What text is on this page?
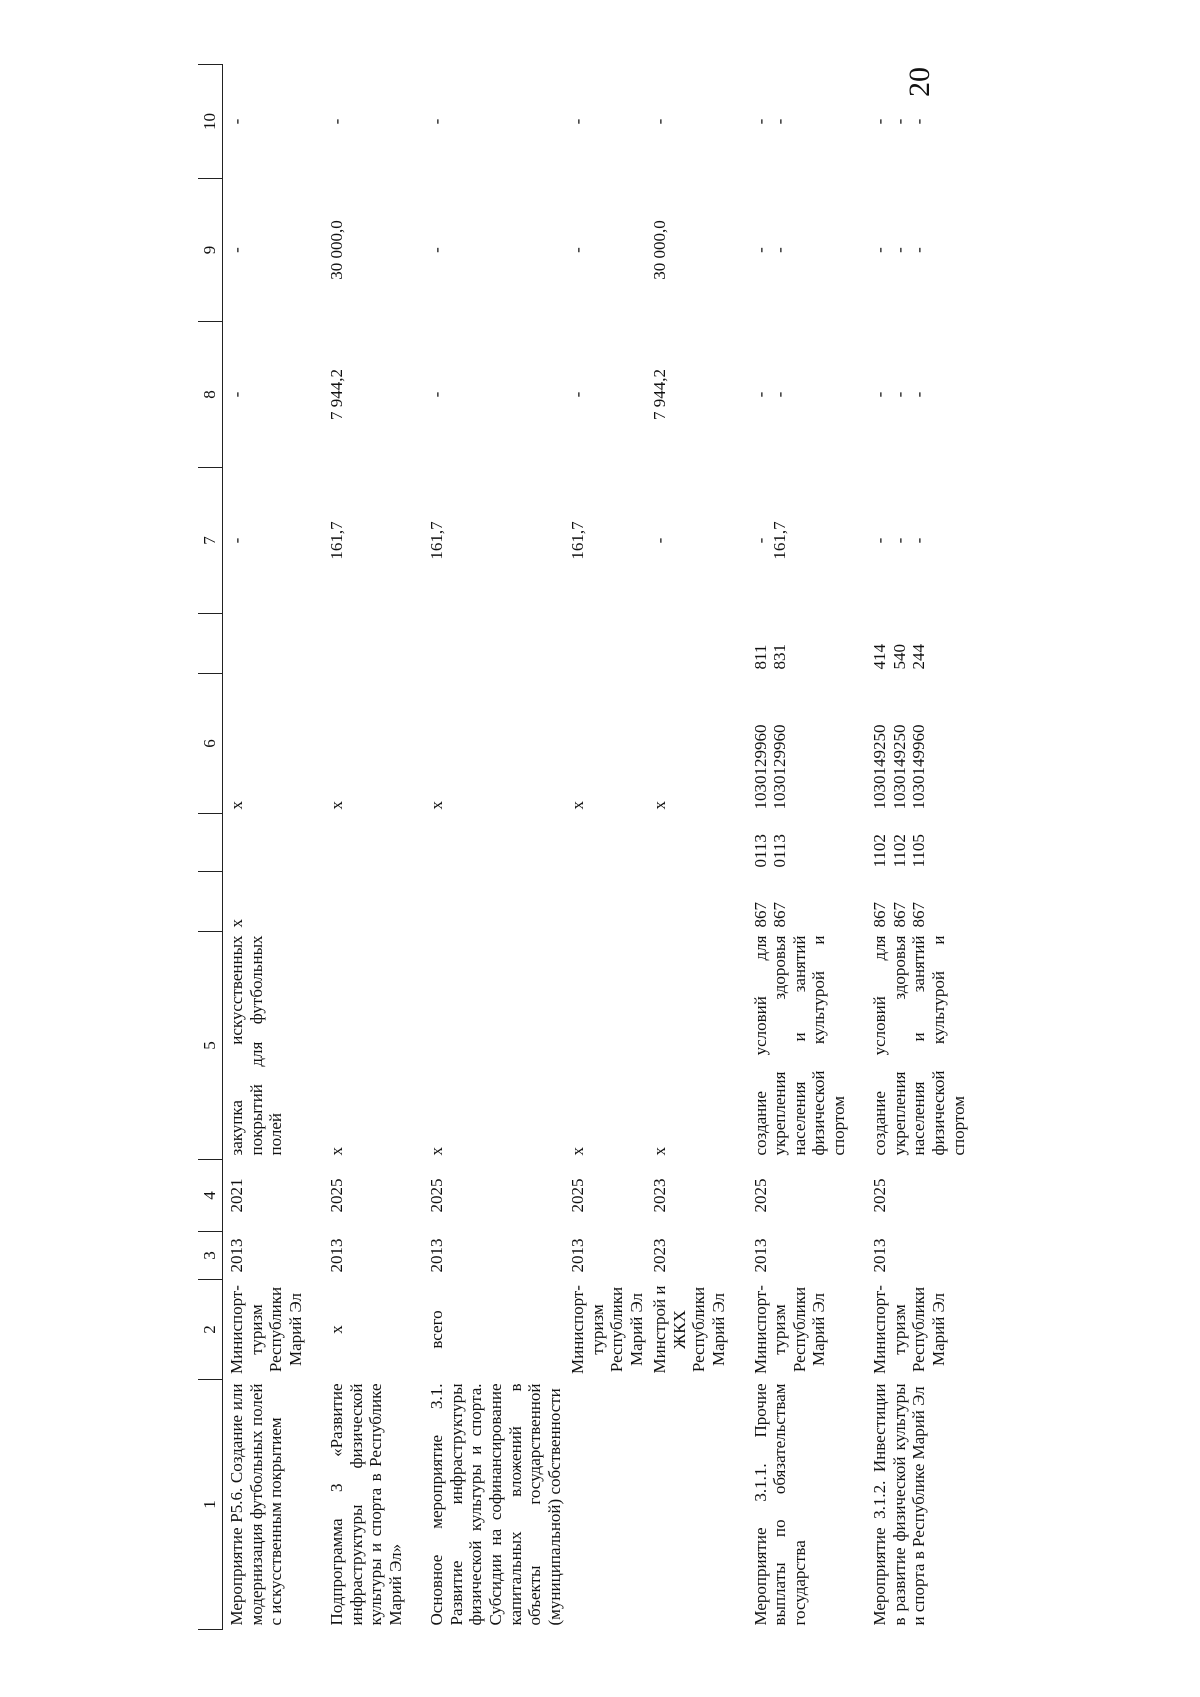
20
1	2	3	4	5			6		7	8	9	10
Мероприятие Р5.6. Создание или модернизация футбольных полей с искусственным покрытием	Миниспорт-туризм Республики Марий Эл	2013	2021	закупка искусственных покрытий для футбольных полей	х		х		-	-	-	-

Подпрограмма 3 «Развитие инфраструктуры физической культуры и спорта в Республике Марий Эл»	х	2013	2025	х			х		161,7	7 944,2	30 000,0	-

Основное мероприятие 3.1. Развитие инфраструктуры физической культуры и спорта. Субсидии на софинансирование капитальных вложений в объекты государственной (муниципальной) собственности	всего	2013	2025	х			х		161,7	-	-	-
	Миниспорт-туризм Республики Марий Эл	2013	2025	х			х		161,7	-	-	-
	Минстрой и ЖКХ Республики Марий Эл	2023	2023	х			х		-	7 944,2	30 000,0	-

Мероприятие 3.1.1. Прочие выплаты по обязательствам государства	Миниспорт-туризм Республики Марий Эл	2013	2025	создание условий для укрепления здоровья населения и занятий физической культурой и спортом	867 867	0113 0113	1030129960 1030129960	811 831	- 161,7	- -	- -	- -

Мероприятие 3.1.2. Инвестиции в развитие физической культуры и спорта в Республике Марий Эл	Миниспорт-туризм Республики Марий Эл	2013	2025	создание условий для укрепления здоровья населения и занятий физической культурой и спортом	867 867 867	1102 1102 1105	1030149250 1030149250 1030149960	414 540 244	- - -	- - -	- - -	- - -
